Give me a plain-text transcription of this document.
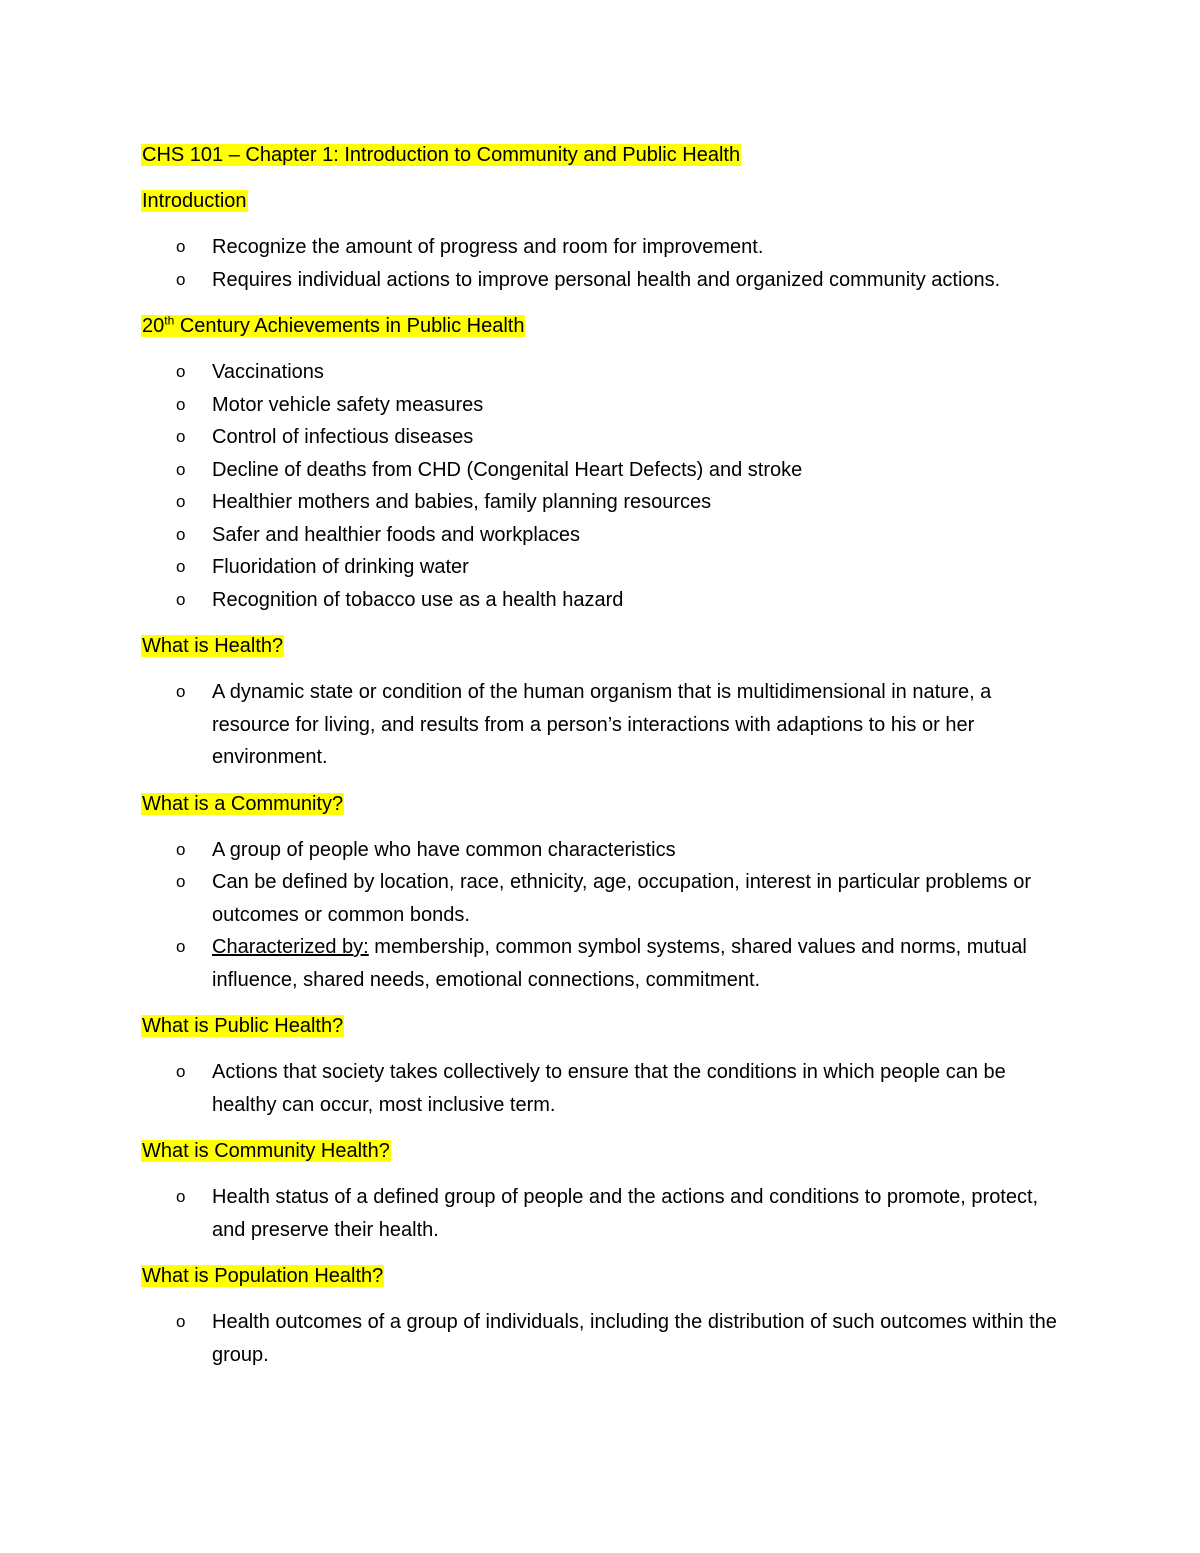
CHS 101 – Chapter 1: Introduction to Community and Public Health
Introduction
o Recognize the amount of progress and room for improvement.
o Requires individual actions to improve personal health and organized community actions.
20th Century Achievements in Public Health
o Vaccinations
o Motor vehicle safety measures
o Control of infectious diseases
o Decline of deaths from CHD (Congenital Heart Defects) and stroke
o Healthier mothers and babies, family planning resources
o Safer and healthier foods and workplaces
o Fluoridation of drinking water
o Recognition of tobacco use as a health hazard
What is Health?
o A dynamic state or condition of the human organism that is multidimensional in nature, a resource for living, and results from a person’s interactions with adaptions to his or her environment.
What is a Community?
o A group of people who have common characteristics
o Can be defined by location, race, ethnicity, age, occupation, interest in particular problems or outcomes or common bonds.
o Characterized by: membership, common symbol systems, shared values and norms, mutual influence, shared needs, emotional connections, commitment.
What is Public Health?
o Actions that society takes collectively to ensure that the conditions in which people can be healthy can occur, most inclusive term.
What is Community Health?
o Health status of a defined group of people and the actions and conditions to promote, protect, and preserve their health.
What is Population Health?
o Health outcomes of a group of individuals, including the distribution of such outcomes within the group.
